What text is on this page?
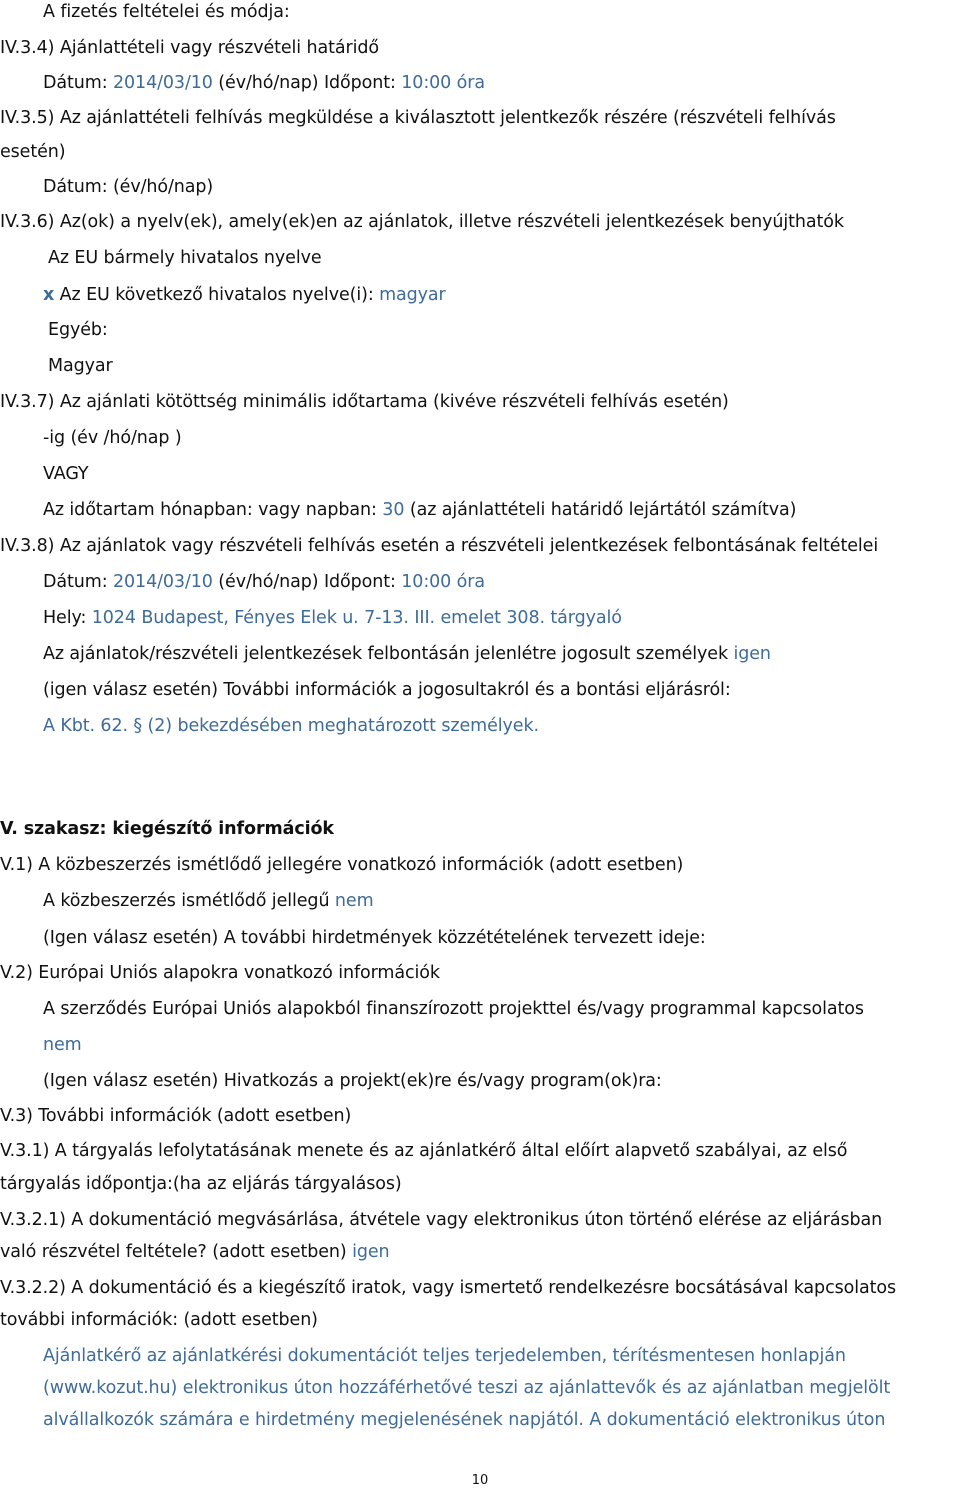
A fizetés feltételei és módja:
IV.3.4) Ajánlattételi vagy részvételi határidő
Dátum: 2014/03/10 (év/hó/nap) Időpont: 10:00 óra
IV.3.5) Az ajánlattételi felhívás megküldése a kiválasztott jelentkezők részére (részvételi felhívás
esetén)
Dátum: (év/hó/nap)
IV.3.6) Az(ok) a nyelv(ek), amely(ek)en az ajánlatok, illetve részvételi jelentkezések benyújthatók
Az EU bármely hivatalos nyelve
x Az EU következő hivatalos nyelve(i): magyar
Egyéb:
Magyar
IV.3.7) Az ajánlati kötöttség minimális időtartama (kivéve részvételi felhívás esetén)
-ig (év /hó/nap )
VAGY
Az időtartam hónapban: vagy napban: 30 (az ajánlattételi határidő lejártától számítva)
IV.3.8) Az ajánlatok vagy részvételi felhívás esetén a részvételi jelentkezések felbontásának feltételei
Dátum: 2014/03/10 (év/hó/nap) Időpont: 10:00 óra
Hely: 1024 Budapest, Fényes Elek u. 7-13. III. emelet 308. tárgyaló
Az ajánlatok/részvételi jelentkezések felbontásán jelenlétre jogosult személyek igen
(igen válasz esetén) További információk a jogosultakról és a bontási eljárásról:
A Kbt. 62. § (2) bekezdésében meghatározott személyek.
V. szakasz: kiegészítő információk
V.1) A közbeszerzés ismétlődő jellegére vonatkozó információk (adott esetben)
A közbeszerzés ismétlődő jellegű nem
(Igen válasz esetén) A további hirdetmények közzétételének tervezett ideje:
V.2) Európai Uniós alapokra vonatkozó információk
A szerződés Európai Uniós alapokból finanszírozott projekttel és/vagy programmal kapcsolatos
nem
(Igen válasz esetén) Hivatkozás a projekt(ek)re és/vagy program(ok)ra:
V.3) További információk (adott esetben)
V.3.1) A tárgyalás lefolytatásának menete és az ajánlatkérő által előírt alapvető szabályai, az első
tárgyalás időpontja:(ha az eljárás tárgyalásos)
V.3.2.1) A dokumentáció megvásárlása, átvétele vagy elektronikus úton történő elérése az eljárásban
való részvétel feltétele? (adott esetben) igen
V.3.2.2) A dokumentáció és a kiegészítő iratok, vagy ismertető rendelkezésre bocsátásával kapcsolatos
további információk: (adott esetben)
Ajánlatkérő az ajánlatkérési dokumentációt teljes terjedelemben, térítésmentesen honlapján
(www.kozut.hu) elektronikus úton hozzáférhetővé teszi az ajánlattevők és az ajánlatban megjelölt
alvállalkozók számára e hirdetmény megjelenésének napjától. A dokumentáció elektronikus úton
10
